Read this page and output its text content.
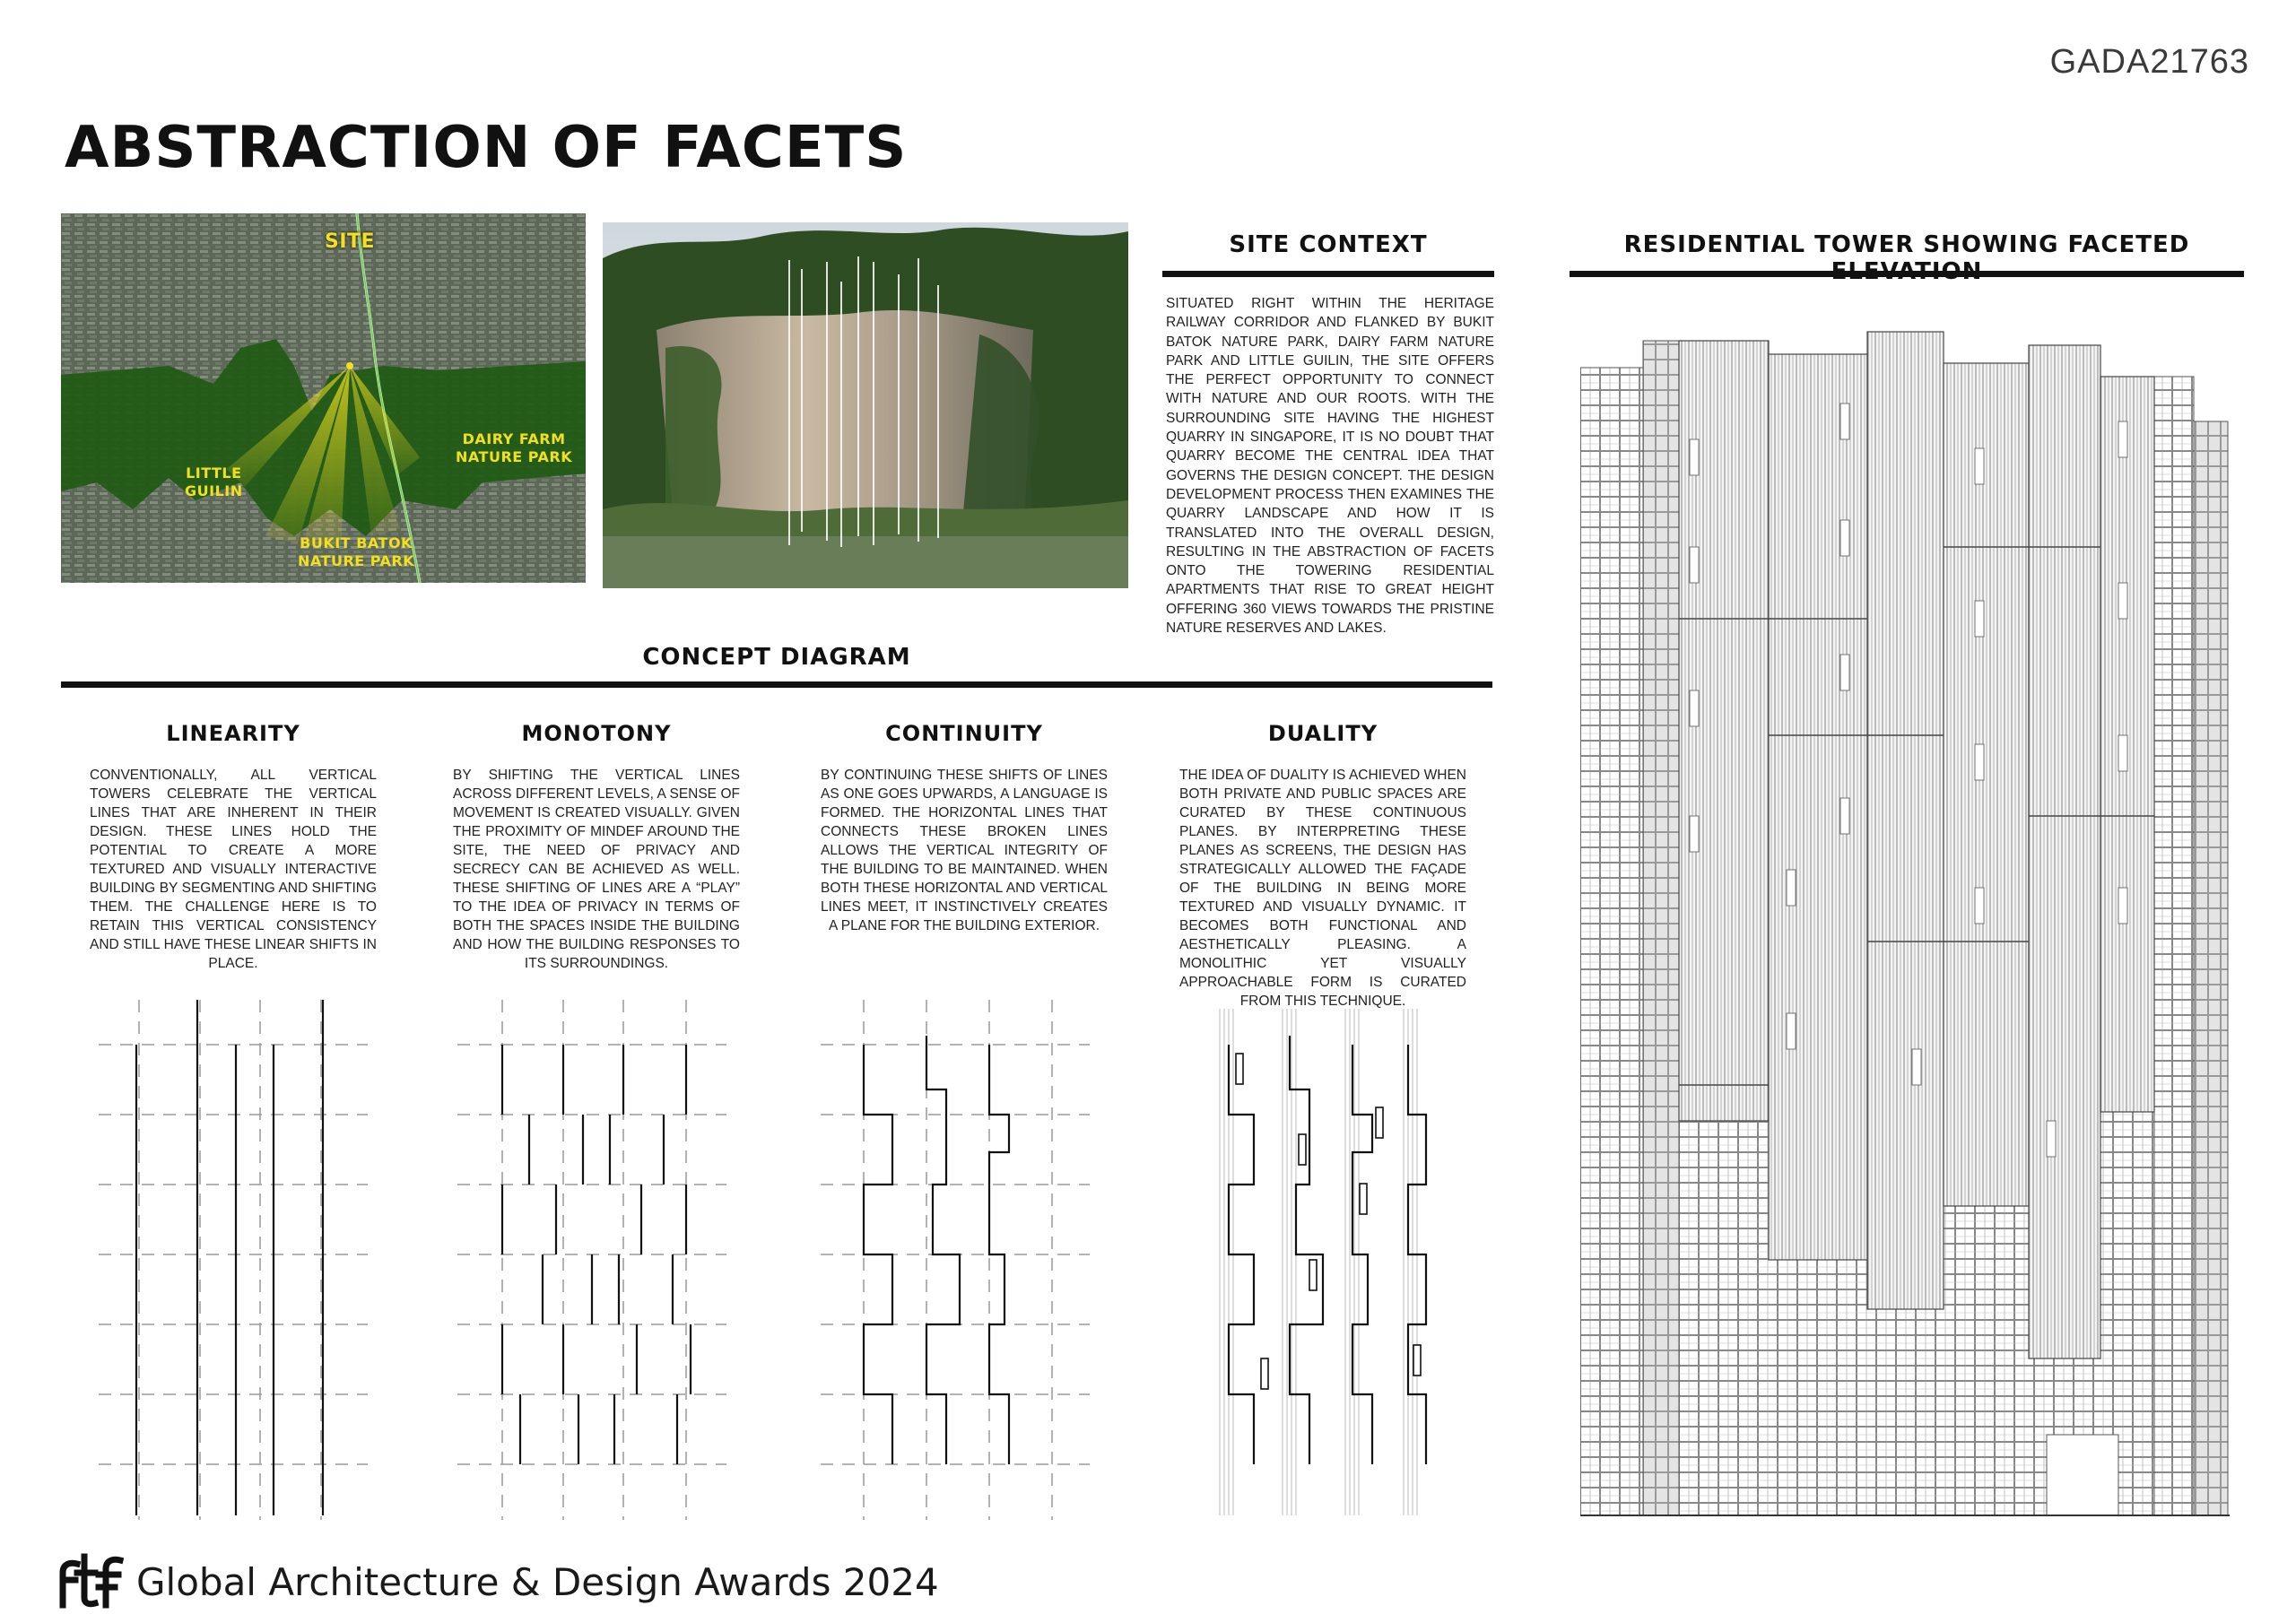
GADA21763
ABSTRACTION OF FACETS
SITE
DAIRY FARM
NATURE PARK
LITTLE
GUILIN
BUKIT BATOK
NATURE PARK
SITE CONTEXT
SITUATED RIGHT WITHIN THE HERITAGE RAILWAY CORRIDOR AND FLANKED BY BUKIT BATOK NATURE PARK, DAIRY FARM NATURE PARK AND LITTLE GUILIN, THE SITE OFFERS THE PERFECT OPPORTUNITY TO CONNECT WITH NATURE AND OUR ROOTS. WITH THE SURROUNDING SITE HAVING THE HIGHEST QUARRY IN SINGAPORE, IT IS NO DOUBT THAT QUARRY BECOME THE CENTRAL IDEA THAT GOVERNS THE DESIGN CONCEPT. THE DESIGN DEVELOPMENT PROCESS THEN EXAMINES THE QUARRY LANDSCAPE AND HOW IT IS TRANSLATED INTO THE OVERALL DESIGN, RESULTING IN THE ABSTRACTION OF FACETS ONTO THE TOWERING RESIDENTIAL APARTMENTS THAT RISE TO GREAT HEIGHT OFFERING 360 VIEWS TOWARDS THE PRISTINE NATURE RESERVES AND LAKES.
RESIDENTIAL TOWER SHOWING FACETED
CONCEPT DIAGRAM
LINEARITY

CONVENTIONALLY, ALL VERTICAL TOWERS CELEBRATE THE VERTICAL LINES THAT ARE INHERENT IN THEIR DESIGN. THESE LINES HOLD THE POTENTIAL TO CREATE A MORE TEXTURED AND VISUALLY INTERACTIVE BUILDING BY SEGMENTING AND SHIFTING THEM. THE CHALLENGE HERE IS TO RETAIN THIS VERTICAL CONSISTENCY AND STILL HAVE THESE LINEAR SHIFTS IN PLACE.

MONOTONY

BY SHIFTING THE VERTICAL LINES ACROSS DIFFERENT LEVELS, A SENSE OF MOVEMENT IS CREATED VISUALLY. GIVEN THE PROXIMITY OF MINDEF AROUND THE SITE, THE NEED OF PRIVACY AND SECRECY CAN BE ACHIEVED AS WELL. THESE SHIFTING OF LINES ARE A “PLAY” TO THE IDEA OF PRIVACY IN TERMS OF BOTH THE SPACES INSIDE THE BUILDING AND HOW THE BUILDING RESPONSES TO ITS SURROUNDINGS.

CONTINUITY

BY CONTINUING THESE SHIFTS OF LINES AS ONE GOES UPWARDS, A LANGUAGE IS FORMED. THE HORIZONTAL LINES THAT CONNECTS THESE BROKEN LINES ALLOWS THE VERTICAL INTEGRITY OF THE BUILDING TO BE MAINTAINED. WHEN BOTH THESE HORIZONTAL AND VERTICAL LINES MEET, IT INSTINCTIVELY CREATES A PLANE FOR THE BUILDING EXTERIOR.

DUALITY

THE IDEA OF DUALITY IS ACHIEVED WHEN BOTH PRIVATE AND PUBLIC SPACES ARE CURATED BY THESE CONTINUOUS PLANES. BY INTERPRETING THESE PLANES AS SCREENS, THE DESIGN HAS STRATEGICALLY ALLOWED THE FAÇADE OF THE BUILDING IN BEING MORE TEXTURED AND VISUALLY DYNAMIC. IT BECOMES BOTH FUNCTIONAL AND AESTHETICALLY PLEASING. A MONOLITHIC YET VISUALLY APPROACHABLE FORM IS CURATED FROM THIS TECHNIQUE.

Global Architecture & Design Awards 2024
